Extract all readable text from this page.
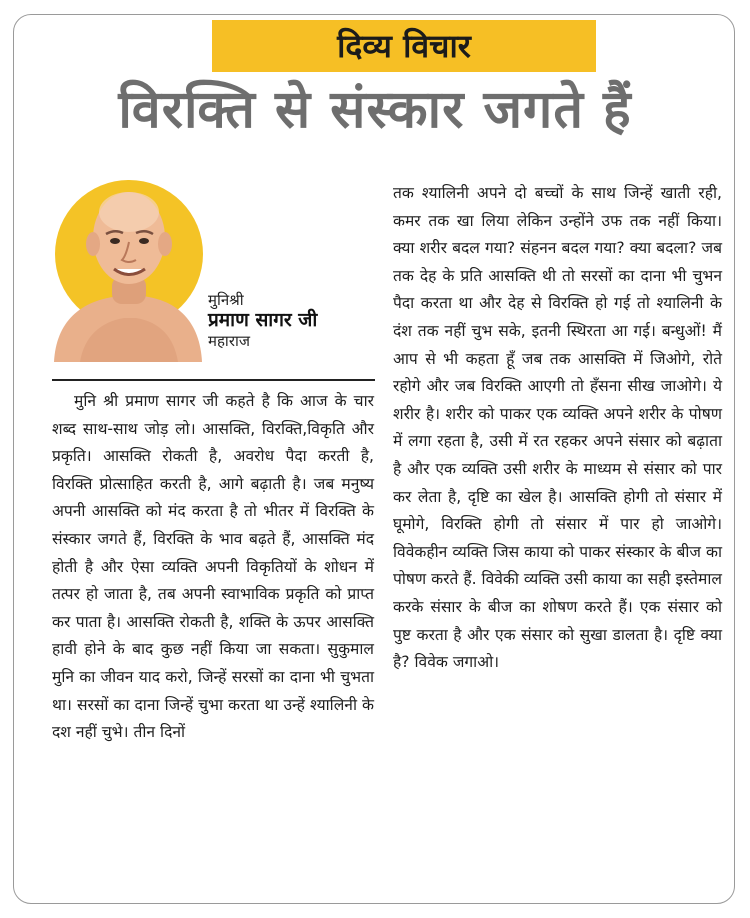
दिव्य विचार
विरक्ति से संस्कार जगते हैं
मुनिश्री
प्रमाण सागर जी
महाराज
मुनि श्री प्रमाण सागर जी कहते है कि आज के चार शब्द साथ-साथ जोड़ लो। आसक्ति, विरक्ति,विकृति और प्रकृति। आसक्ति रोकती है, अवरोध पैदा करती है, विरक्ति प्रोत्साहित करती है, आगे बढ़ाती है। जब मनुष्य अपनी आसक्ति को मंद करता है तो भीतर में विरक्ति के संस्कार जगते हैं, विरक्ति के भाव बढ़ते हैं, आसक्ति मंद होती है और ऐसा व्यक्ति अपनी विकृतियों के शोधन में तत्पर हो जाता है, तब अपनी स्वाभाविक प्रकृति को प्राप्त कर पाता है। आसक्ति रोकती है, शक्ति के ऊपर आसक्ति हावी होने के बाद कुछ नहीं किया जा सकता। सुकुमाल मुनि का जीवन याद करो, जिन्हें सरसों का दाना भी चुभता था। सरसों का दाना जिन्हें चुभा करता था उन्हें श्यालिनी के दश नहीं चुभे। तीन दिनों
तक श्यालिनी अपने दो बच्चों के साथ जिन्हें खाती रही, कमर तक खा लिया लेकिन उन्होंने उफ तक नहीं किया। क्या शरीर बदल गया? संहनन बदल गया? क्या बदला? जब तक देह के प्रति आसक्ति थी तो सरसों का दाना भी चुभन पैदा करता था और देह से विरक्ति हो गई तो श्यालिनी के दंश तक नहीं चुभ सके, इतनी स्थिरता आ गई। बन्धुओं! मैं आप से भी कहता हूँ जब तक आसक्ति में जिओगे, रोते रहोगे और जब विरक्ति आएगी तो हँसना सीख जाओगे। ये शरीर है। शरीर को पाकर एक व्यक्ति अपने शरीर के पोषण में लगा रहता है, उसी में रत रहकर अपने संसार को बढ़ाता है और एक व्यक्ति उसी शरीर के माध्यम से संसार को पार कर लेता है, दृष्टि का खेल है। आसक्ति होगी तो संसार में घूमोगे, विरक्ति होगी तो संसार में पार हो जाओगे। विवेकहीन व्यक्ति जिस काया को पाकर संस्कार के बीज का पोषण करते हैं. विवेकी व्यक्ति उसी काया का सही इस्तेमाल करके संसार के बीज का शोषण करते हैं। एक संसार को पुष्ट करता है और एक संसार को सुखा डालता है। दृष्टि क्या है? विवेक जगाओ।
